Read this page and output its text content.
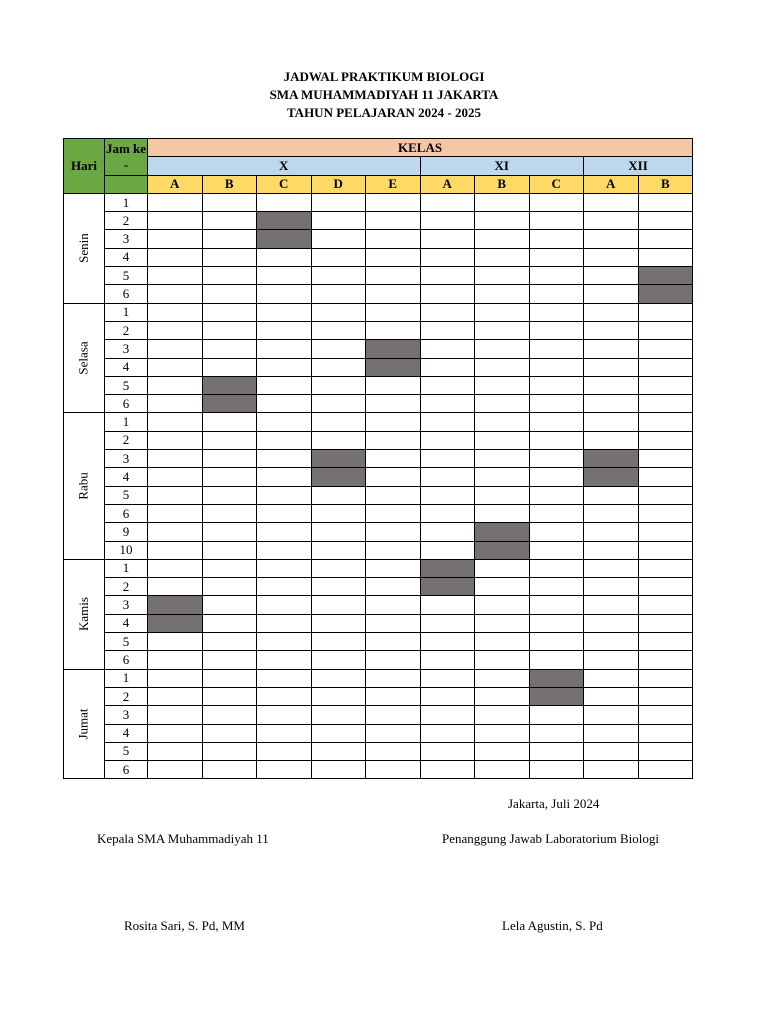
JADWAL PRAKTIKUM BIOLOGI
SMA MUHAMMADIYAH 11 JAKARTA
TAHUN PELAJARAN 2024 - 2025
Hari	Jam ke -	KELAS									
		X					XI			XII	
		A	B	C	D	E	A	B	C	A	B
Senin	1										
	2										
	3										
	4										
	5										
	6										
Selasa	1										
	2										
	3										
	4										
	5										
	6										
Rabu	1										
	2										
	3										
	4										
	5										
	6										
	9										
	10										
Kamis	1										
	2										
	3										
	4										
	5										
	6										
Jumat	1										
	2										
	3										
	4										
	5										
	6										
Jakarta, Juli 2024
Kepala SMA Muhammadiyah 11	Penanggung Jawab Laboratorium Biologi
Rosita Sari, S. Pd, MM	Lela Agustin, S. Pd
